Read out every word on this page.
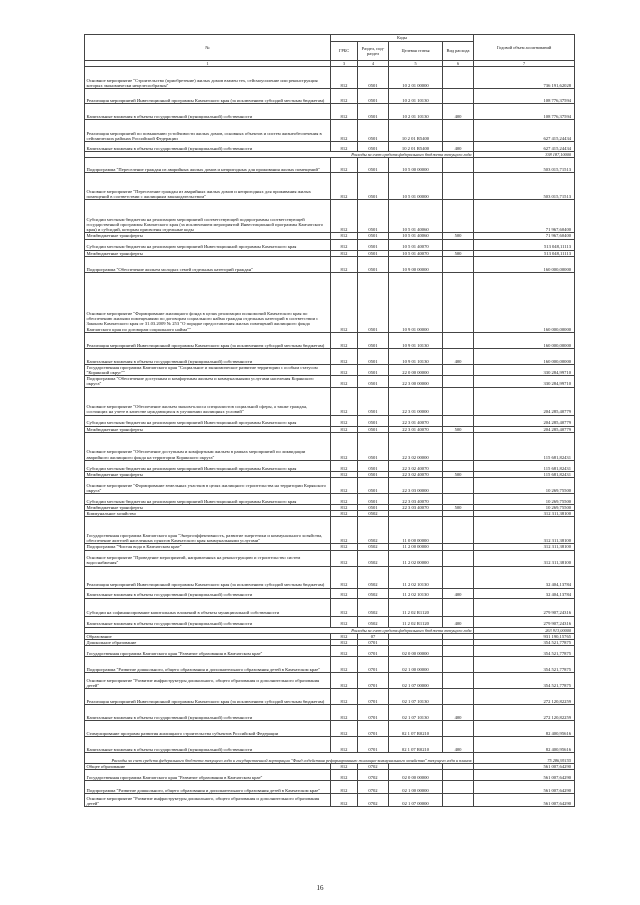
№	Коды				Годовой объем ассигнований
	ГРБС	Раздел, под-раздел	Целевая статья	Вид расхода	
1	3	4	5	6	7
Основное мероприятие "Строительство (приобретение) жилых домов взамен тех, сейсмоусиление или реконструкция которых экономически нецелесообразны"	812	0501	10 2 01 00000		736 191,62028
Реализация мероприятий Инвестиционной программы Камчатского края (за исключением субсидий местным бюджетам)	812	0501	10 2 01 10130		108 776,37594
Капитальные вложения в объекты государственной (муниципальной) собственности	812	0501	10 2 01 10130	400	108 776,37594
Реализация мероприятий по повышению устойчивости жилых домов, основных объектов и систем жизнеобеспечения в сейсмических районах Российской Федерации	812	0501	10 2 01 R5400		627 415,24434
Капитальные вложения в объекты государственной (муниципальной) собственности	812	0501	10 2 01 R5400	400	627 415,24434
Расходы за счет средств федерального бюджета текущего года					338 187,10000
Подпрограмма "Переселение граждан из аварийных жилых домов и непригодных для проживания жилых помещений"	812	0501	10 5 00 00000		503 015,71513
Основное мероприятие "Переселение граждан из аварийных жилых домов и непригодных для проживания жилых помещений в соответствии с жилищным законодательством"	812	0501	10 5 01 00000		503 015,71513
Субсидии местным бюджетам на реализацию мероприятий соответствующей подпрограммы соответствующей государственной программы Камчатского края (за исключением мероприятий Инвестиционной программы Камчатского края) и субсидий, которым присвоены отдельные коды	812	0501	10 5 01 40060		71 967,60400
Межбюджетные трансферты	812	0501	10 5 01 40060	500	71 967,60400
Субсидии местным бюджетам на реализацию мероприятий Инвестиционной программы Камчатского края	812	0501	10 5 01 40070		513 048,11113
Межбюджетные трансферты	812	0501	10 5 01 40070	500	513 048,11113
Подпрограмма "Обеспечение жильем молодых семей отдельных категорий граждан"	812	0501	10 9 00 00000		160 000,00000
Основное мероприятие "Формирование жилищного фонда в целях реализации полномочий Камчатского края по обеспечению жилыми помещениями по договорам социального найма граждан отдельных категорий в соответствии с Законом Камчатского края от 31.03.2009 № 253 "О порядке предоставления жилых помещений жилищного фонда Камчатского края по договорам социального найма""	812	0501	10 9 01 00000		160 000,00000
Реализация мероприятий Инвестиционной программы Камчатского края (за исключением субсидий местным бюджетам)	812	0501	10 9 01 10130		160 000,00000
Капитальные вложения в объекты государственной (муниципальной) собственности	812	0501	10 9 01 10130	400	160 000,00000
Государственная программа Камчатского края "Социальное и экономическое развитие территории с особым статусом "Корякский округ""	812	0501	22 0 00 00000		330 284,99710
Подпрограмма "Обеспечение доступным и комфортным жильем и коммунальными услугами населения Корякского округа"	812	0501	22 3 00 00000		330 284,99710
Основное мероприятие "Обеспечение жильем эконом-класса специалистов социальной сферы, а также граждан, состоящих на учете в качестве нуждающихся в улучшении жилищных условий"	812	0501	22 3 01 00000		204 285,40779
Субсидии местным бюджетам на реализацию мероприятий Инвестиционной программы Камчатского края	812	0501	22 3 01 40070		204 285,40779
Межбюджетные трансферты	812	0501	22 3 01 40070	500	204 285,40779
Основное мероприятие "Обеспечение доступным и комфортным жильем в рамках мероприятий по ликвидации аварийного жилищного фонда на территории Корякского округа"	812	0501	22 3 02 00000		115 681,82431
Субсидии местным бюджетам на реализацию мероприятий Инвестиционной программы Камчатского края	812	0501	22 3 02 40070		115 681,82431
Межбюджетные трансферты	812	0501	22 3 02 40070	500	115 681,82431
Основное мероприятие "Формирование земельных участков в целях жилищного строительства на территории Корякского округа"	812	0501	22 3 03 00000		10 269,75500
Субсидии местным бюджетам на реализацию мероприятий Инвестиционной программы Камчатского края	812	0501	22 3 03 40070		10 269,75500
Межбюджетные трансферты	812	0501	22 3 03 40070	500	10 269,75500
Коммунальное хозяйство	812	0502			312 311,38100
Государственная программа Камчатского края "Энергоэффективность, развитие энергетики и коммунального хозяйства, обеспечение жителей населенных пунктов Камчатского края коммунальными услугами"	812	0502	11 0 00 00000		312 311,38100
Подпрограмма "Чистая вода в Камчатском крае"	812	0502	11 2 00 00000		312 311,38100
Основное мероприятие "Проведение мероприятий, направленных на реконструкцию и строительство систем водоснабжения"	812	0502	11 2 02 00000		312 311,38100
Реализация мероприятий Инвестиционной программы Камчатского края (за исключением субсидий местным бюджетам)	812	0502	11 2 02 10130		32 404,13784
Капитальные вложения в объекты государственной (муниципальной) собственности	812	0502	11 2 02 10130	400	32 404,13784
Субсидии на софинансирование капитальных вложений в объекты муниципальной собственности	812	0502	11 2 02 R1120		279 907,24316
Капитальные вложения в объекты государственной (муниципальной) собственности	812	0502	11 2 02 R1120	400	279 907,24316
Расходы за счет средств федерального бюджета текущего года					263 913,00000
Образование	812	07			931 190,15765
Дошкольное образование	812	0701			354 521,77875
Государственная программа Камчатского края "Развитие образования в Камчатском крае"	812	0701	02 0 00 00000		354 521,77875
Подпрограмма "Развитие дошкольного, общего образования и дополнительного образования детей в Камчатском крае"	812	0701	02 1 00 00000		354 521,77875
Основное мероприятие "Развитие инфраструктуры дошкольного, общего образования и дополнительного образования детей"	812	0701	02 1 07 00000		354 521,77875
Реализация мероприятий Инвестиционной программы Камчатского края (за исключением субсидий местным бюджетам)	812	0701	02 1 07 10130		272 120,82259
Капитальные вложения в объекты государственной (муниципальной) собственности	812	0701	02 1 07 10130	400	272 120,82259
Стимулирование программ развития жилищного строительства субъектов Российской Федерации	812	0701	02 1 07 R0210		82 400,95616
Капитальные вложения в объекты государственной (муниципальной) собственности	812	0701	02 1 07 R0210	400	82 400,95616
Расходы за счет средств федерального бюджета текущего года и государственной корпорации "Фонд содействия реформированию жилищно-коммунального хозяйства" текущего года и планов					75 286,95155
Общее образование	812	0702			561 007,64290
Государственная программа Камчатского края "Развитие образования в Камчатском крае"	812	0702	02 0 00 00000		561 007,64290
Подпрограмма "Развитие дошкольного, общего образования и дополнительного образования детей в Камчатском крае"	812	0702	02 1 00 00000		561 007,64290
Основное мероприятие "Развитие инфраструктуры дошкольного, общего образования и дополнительного образования детей"	812	0702	02 1 07 00000		561 007,64290
16
